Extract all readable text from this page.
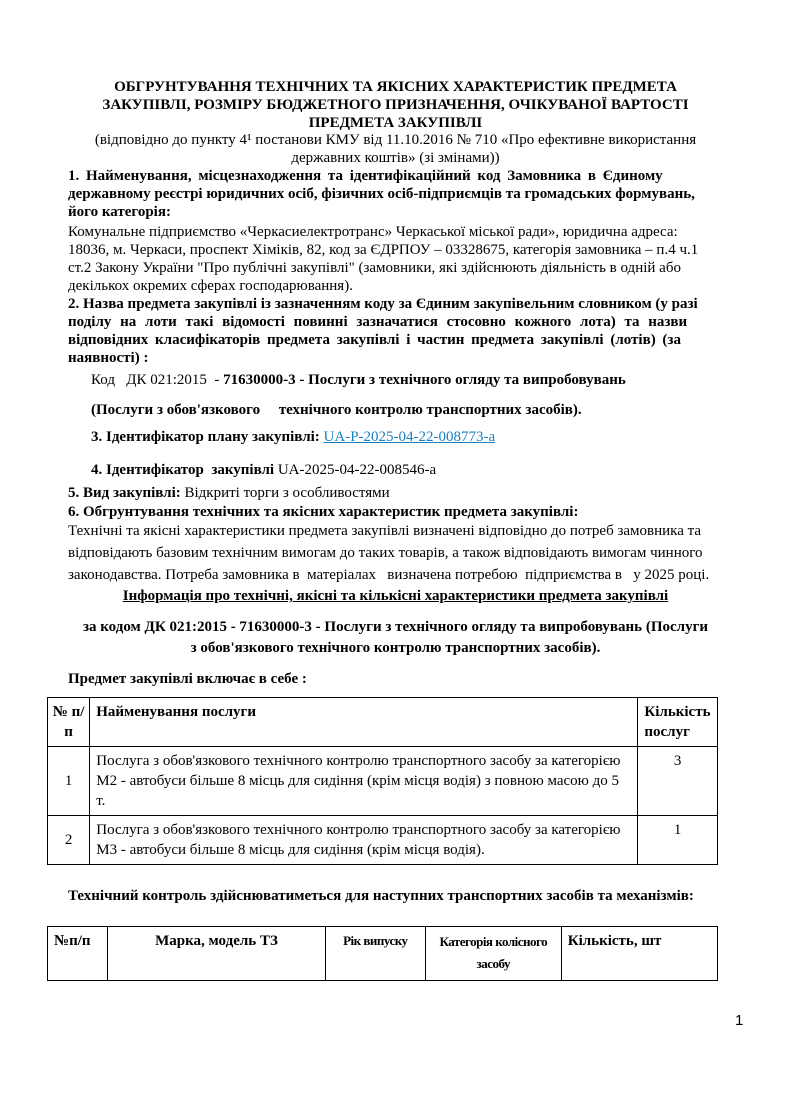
ОБГРУНТУВАННЯ ТЕХНІЧНИХ ТА ЯКІСНИХ ХАРАКТЕРИСТИК ПРЕДМЕТА
ЗАКУПІВЛІ, РОЗМІРУ БЮДЖЕТНОГО ПРИЗНАЧЕННЯ, ОЧІКУВАНОЇ ВАРТОСТІ
ПРЕДМЕТА ЗАКУПІВЛІ
(відповідно до пункту 4¹ постанови КМУ від 11.10.2016 № 710 «Про ефективне використання
державних коштів» (зі змінами))
1. Найменування, місцезнаходження та ідентифікаційний код Замовника в Єдиному
державному реєстрі юридичних осіб, фізичних осіб-підприємців та громадських формувань,
його категорія:
Комунальне підприємство «Черкасиелектротранс» Черкаської міської ради», юридична адреса:
18036, м. Черкаси, проспект Хіміків, 82, код за ЄДРПОУ – 03328675, категорія замовника – п.4 ч.1
ст.2 Закону України "Про публічні закупівлі" (замовники, які здійснюють діяльність в одній або
декількох окремих сферах господарювання).
2. Назва предмета закупівлі із зазначенням коду за Єдиним закупівельним словником (у разі
поділу на лоти такі відомості повинні зазначатися стосовно кожного лота) та назви
відповідних класифікаторів предмета закупівлі і частин предмета закупівлі (лотів) (за
наявності) :
Код   ДК 021:2015  - 71630000-3 - Послуги з технічного огляду та випробовувань
(Послуги з обов'язкового     технічного контролю транспортних засобів).
3. Ідентифікатор плану закупівлі: UA-P-2025-04-22-008773-a
4. Ідентифікатор  закупівлі UA-2025-04-22-008546-a
5. Вид закупівлі: Відкриті торги з особливостями
6. Обгрунтування технічних та якісних характеристик предмета закупівлі:
Технічні та якісні характеристики предмета закупівлі визначені відповідно до потреб замовника та
відповідають базовим технічним вимогам до таких товарів, а також відповідають вимогам чинного
законодавства. Потреба замовника в  матеріалах   визначена потребою  підприємства в   у 2025 році.
Інформація про технічні, якісні та кількісні характеристики предмета закупівлі
за кодом ДК 021:2015 - 71630000-3 - Послуги з технічного огляду та випробовувань (Послуги
з обов'язкового технічного контролю транспортних засобів).
Предмет закупівлі включає в себе :
№ п/п	Найменування послуги	Кількість послуг
1	Послуга з обов'язкового технічного контролю транспортного засобу за категорією М2 - автобуси більше 8 місць для сидіння (крім місця водія) з повною масою до 5 т.	3
2	Послуга з обов'язкового технічного контролю транспортного засобу за категорією М3 - автобуси більше 8 місць для сидіння (крім місця водія).	1
Технічний контроль здійснюватиметься для наступних транспортних засобів та механізмів:
№п/п	Марка, модель ТЗ	Рік випуску	Категорія колісного засобу	Кількість, шт
1
